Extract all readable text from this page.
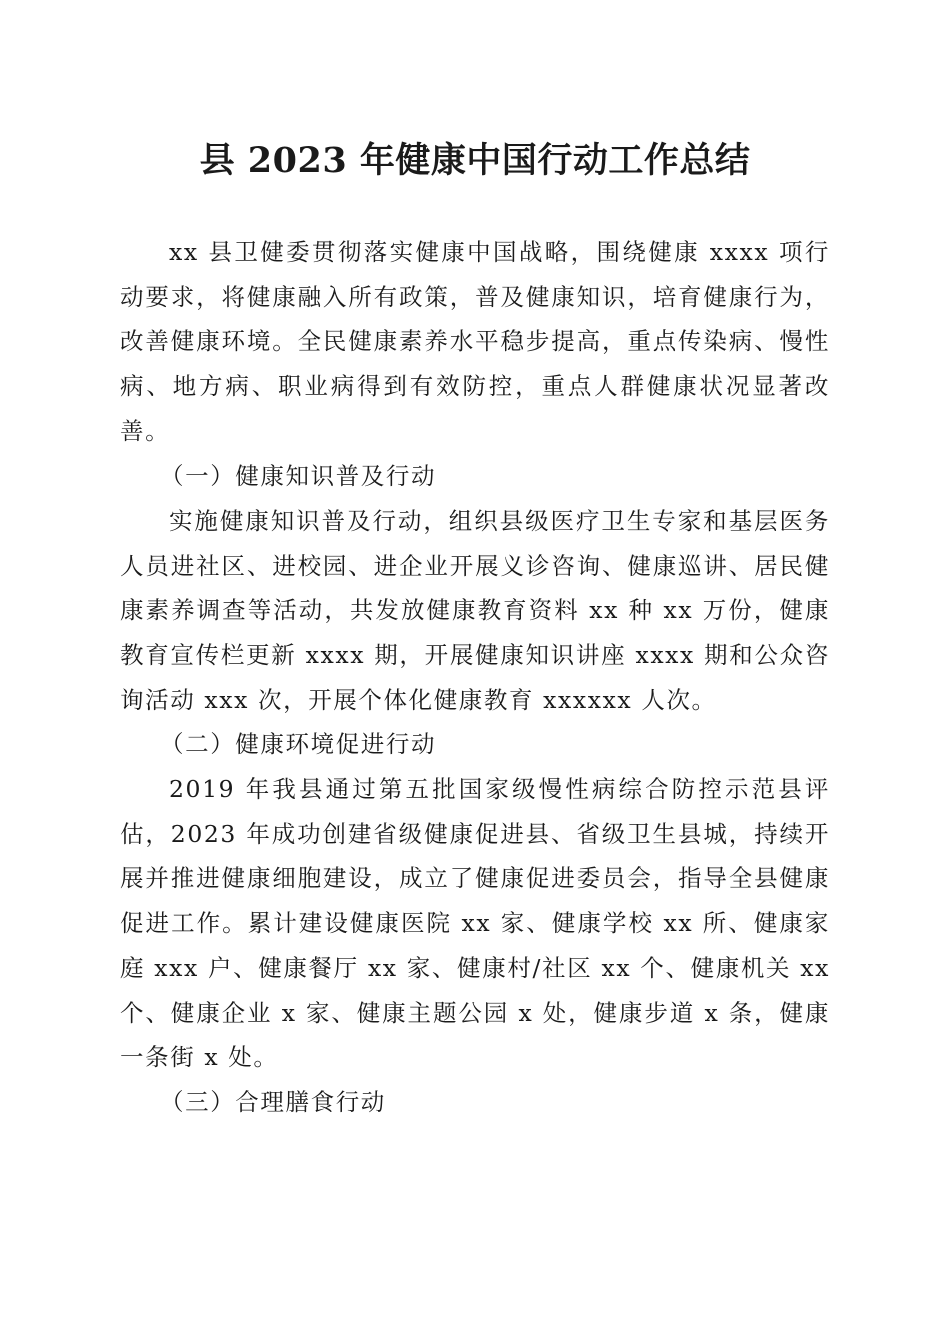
县 2023 年健康中国行动工作总结

xx 县卫健委贯彻落实健康中国战略，围绕健康 xxxx 项行动要求，将健康融入所有政策，普及健康知识，培育健康行为，改善健康环境。全民健康素养水平稳步提高，重点传染病、慢性病、地方病、职业病得到有效防控，重点人群健康状况显著改善。

（一）健康知识普及行动

实施健康知识普及行动，组织县级医疗卫生专家和基层医务人员进社区、进校园、进企业开展义诊咨询、健康巡讲、居民健康素养调查等活动，共发放健康教育资料 xx 种 xx 万份，健康教育宣传栏更新 xxxx 期，开展健康知识讲座 xxxx 期和公众咨询活动 xxx 次，开展个体化健康教育 xxxxxx 人次。

（二）健康环境促进行动

2019 年我县通过第五批国家级慢性病综合防控示范县评估，2023 年成功创建省级健康促进县、省级卫生县城，持续开展并推进健康细胞建设，成立了健康促进委员会，指导全县健康促进工作。累计建设健康医院 xx 家、健康学校 xx 所、健康家庭 xxx 户、健康餐厅 xx 家、健康村/社区 xx 个、健康机关 xx 个、健康企业 x 家、健康主题公园 x 处，健康步道 x 条，健康一条街 x 处。

（三）合理膳食行动
